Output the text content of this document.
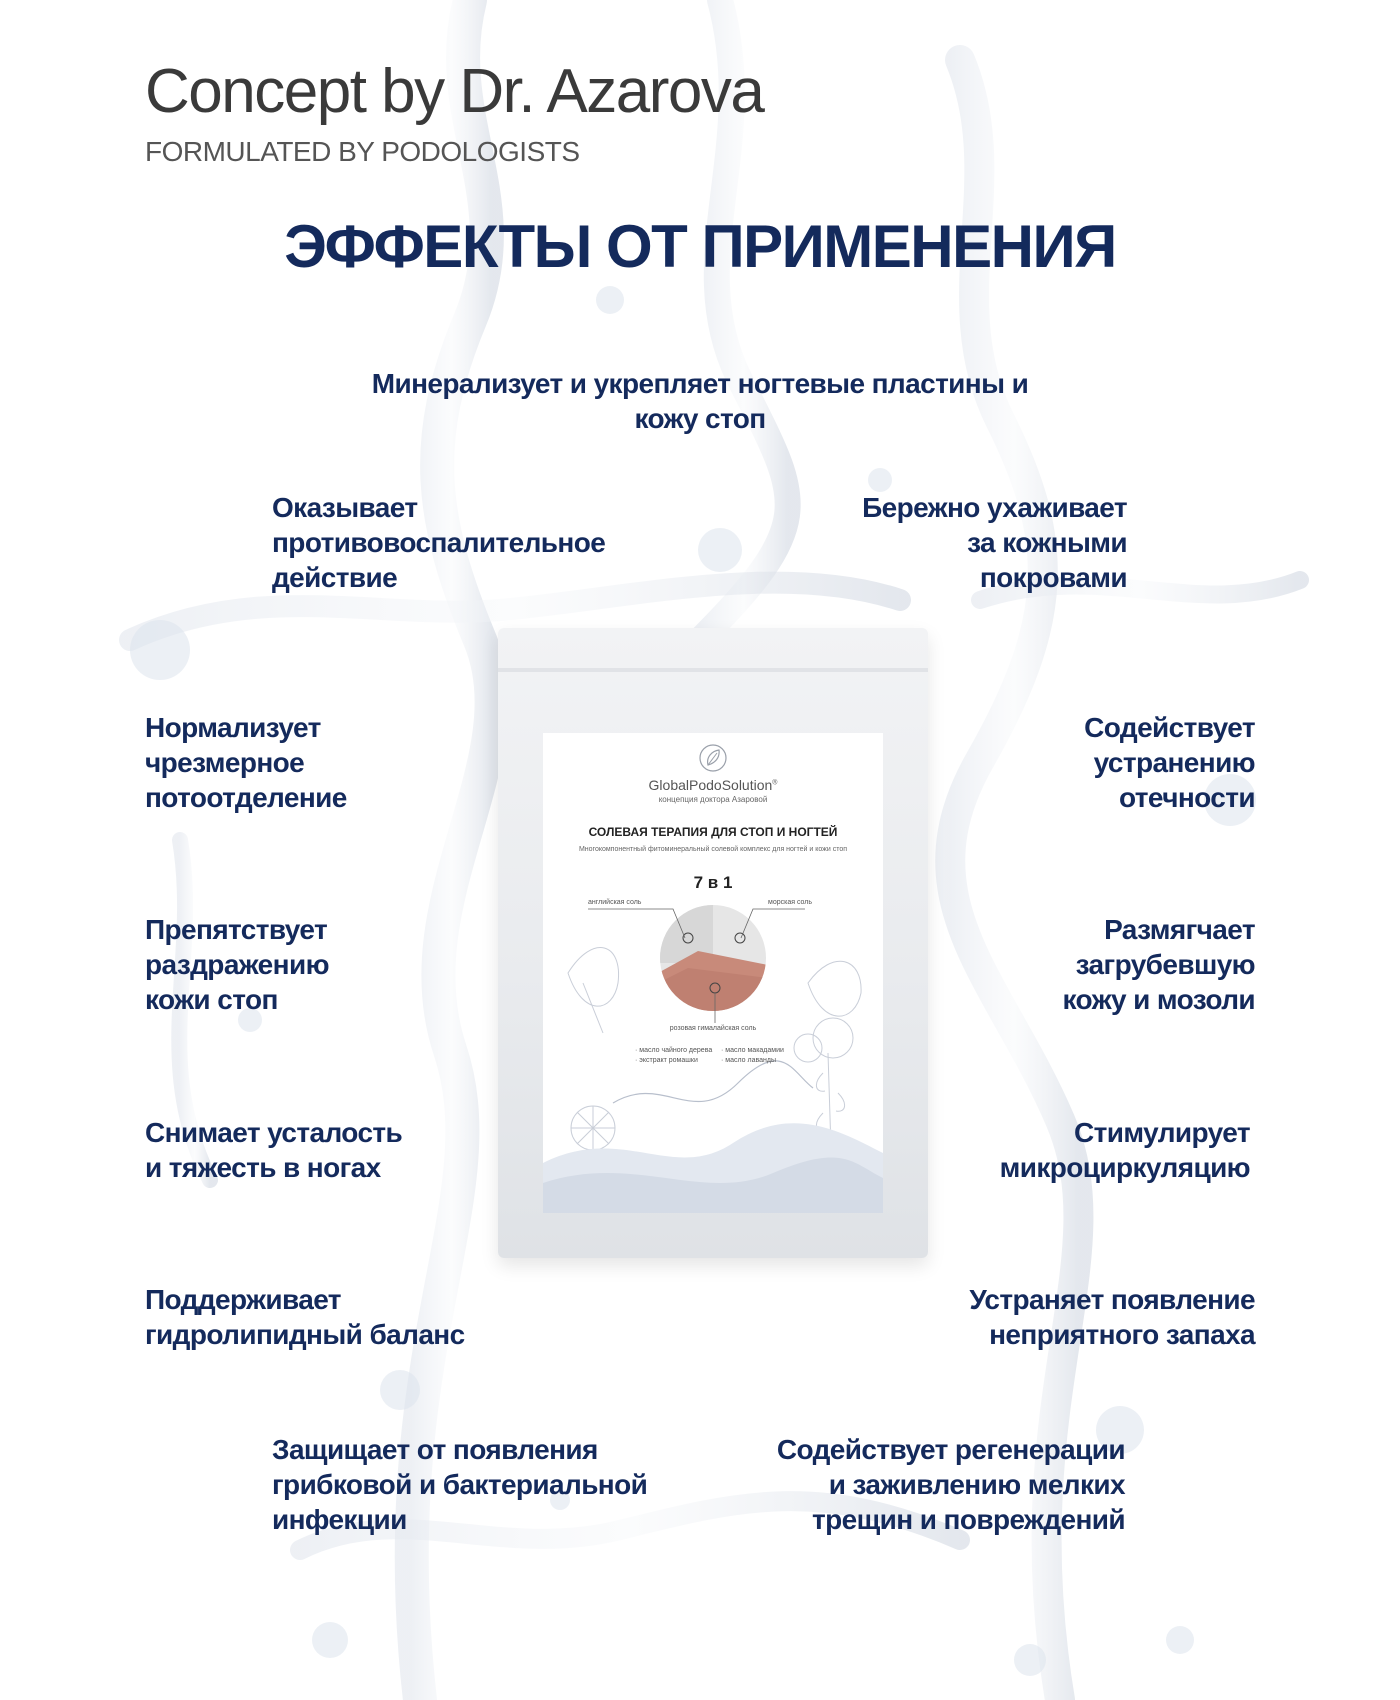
Concept by Dr. Azarova
FORMULATED BY PODOLOGISTS
ЭФФЕКТЫ ОТ ПРИМЕНЕНИЯ
Минерализует и укрепляет ногтевые пластины и
кожу стоп
Оказывает
противовоспалительное
действие
Бережно ухаживает
за кожными
покровами
Нормализует
чрезмерное
потоотделение
Содействует
устранению
отечности
Препятствует
раздражению
кожи стоп
Размягчает
загрубевшую
кожу и мозоли
Снимает усталость
и тяжесть в ногах
Стимулирует
микроциркуляцию
Поддерживает
гидролипидный баланс
Устраняет появление
неприятного запаха
Защищает от появления
грибковой и бактериальной
инфекции
Содействует регенерации
и заживлению мелких
трещин и повреждений
GlobalPodoSolution®
концепция доктора Азаровой
СОЛЕВАЯ ТЕРАПИЯ ДЛЯ СТОП И НОГТЕЙ
Многокомпонентный фитоминеральный солевой комплекс для ногтей и кожи стоп
7 в 1
английская соль	морская соль
розовая гималайская соль
· масло чайного дерева
· экстракт ромашки
· масло макадамии
· масло лаванды
